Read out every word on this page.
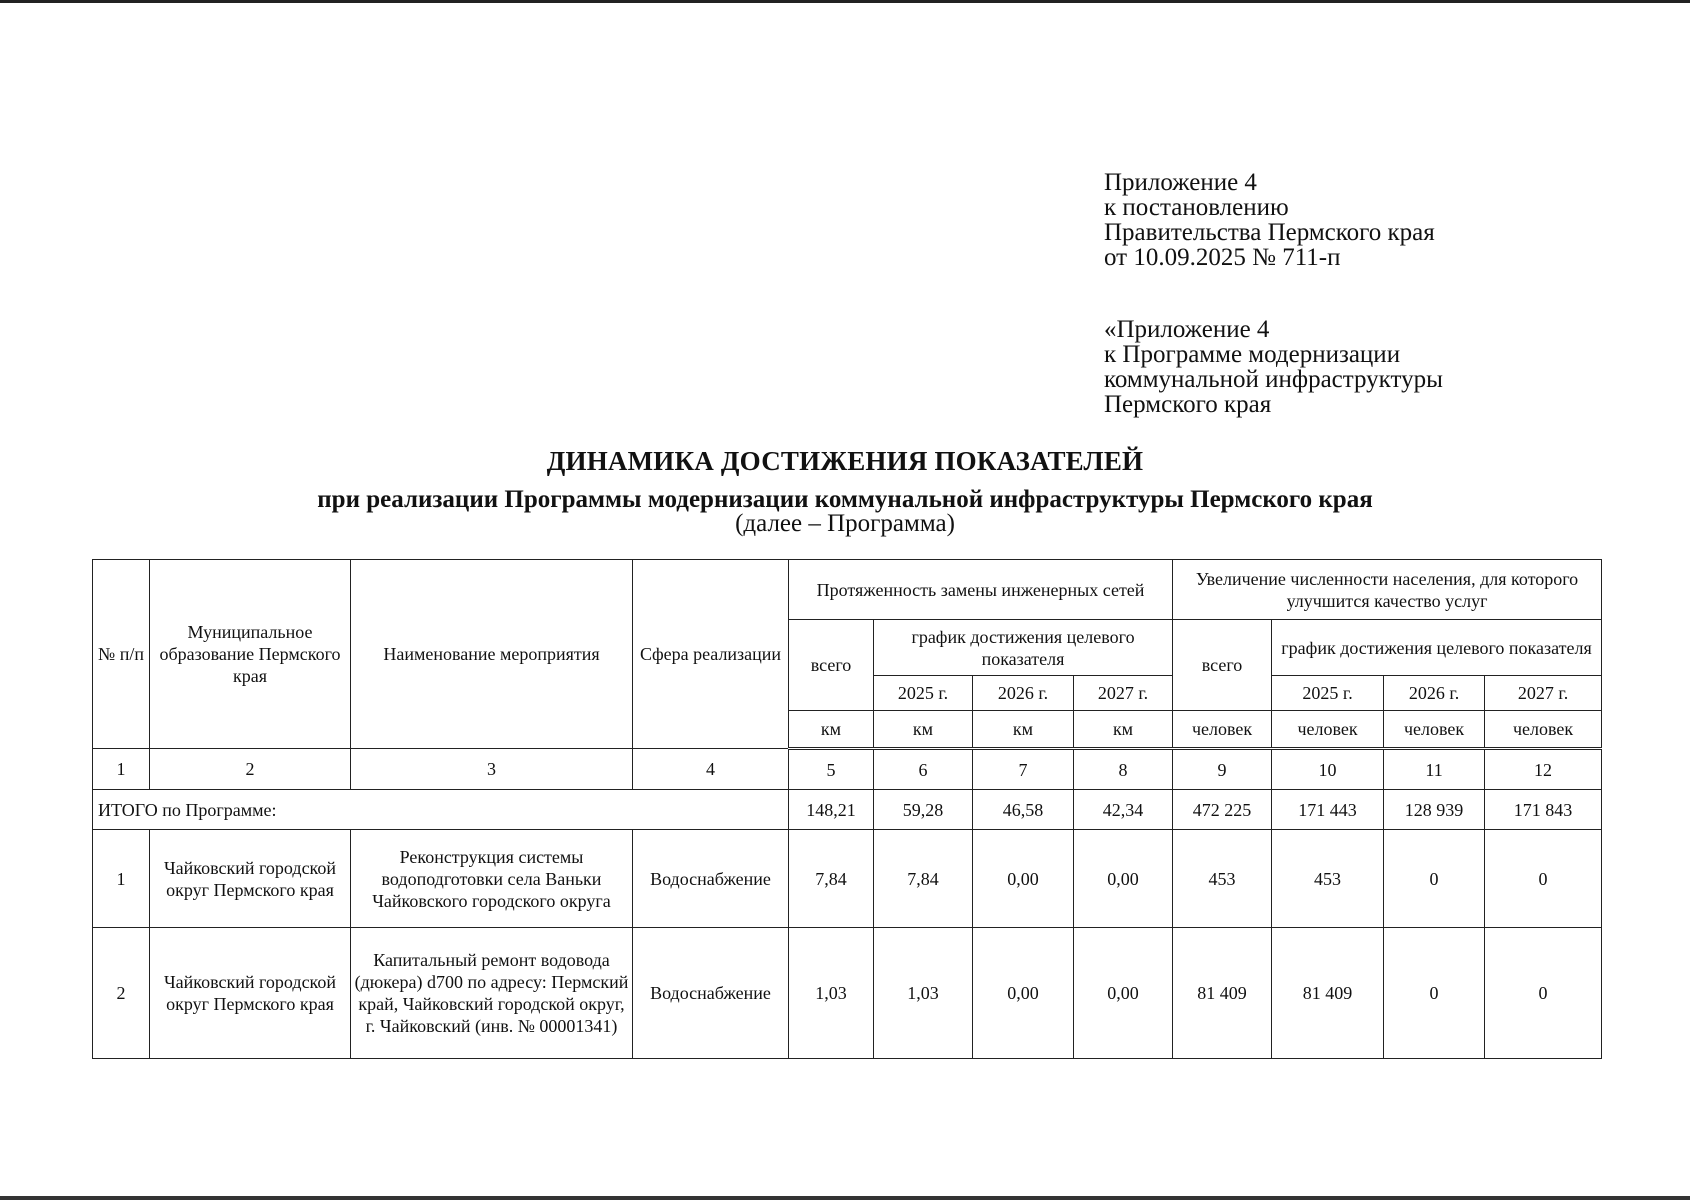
Приложение 4
к постановлению
Правительства Пермского края
от 10.09.2025 № 711-п
«Приложение 4
к Программе модернизации
коммунальной инфраструктуры
Пермского края
ДИНАМИКА ДОСТИЖЕНИЯ ПОКАЗАТЕЛЕЙ
при реализации Программы модернизации коммунальной инфраструктуры Пермского края
(далее – Программа)
№ п/п	Муниципальное образование Пермского края	Наименование мероприятия	Сфера реализации	Протяженность замены инженерных сетей				Увеличение численности населения, для которого улучшится качество услуг			
				всего	график достижения целевого показателя			всего	график достижения целевого показателя		
					2025 г.	2026 г.	2027 г.		2025 г.	2026 г.	2027 г.
				км	км	км	км	человек	человек	человек	человек
1	2	3	4	5	6	7	8	9	10	11	12
ИТОГО по Программе:				148,21	59,28	46,58	42,34	472 225	171 443	128 939	171 843
1	Чайковский городской округ Пермского края	Реконструкция системы водоподготовки села Ваньки Чайковского городского округа	Водоснабжение	7,84	7,84	0,00	0,00	453	453	0	0
2	Чайковский городской округ Пермского края	Капитальный ремонт водовода (дюкера) d700 по адресу: Пермский край, Чайковский городской округ, г. Чайковский (инв. № 00001341)	Водоснабжение	1,03	1,03	0,00	0,00	81 409	81 409	0	0
